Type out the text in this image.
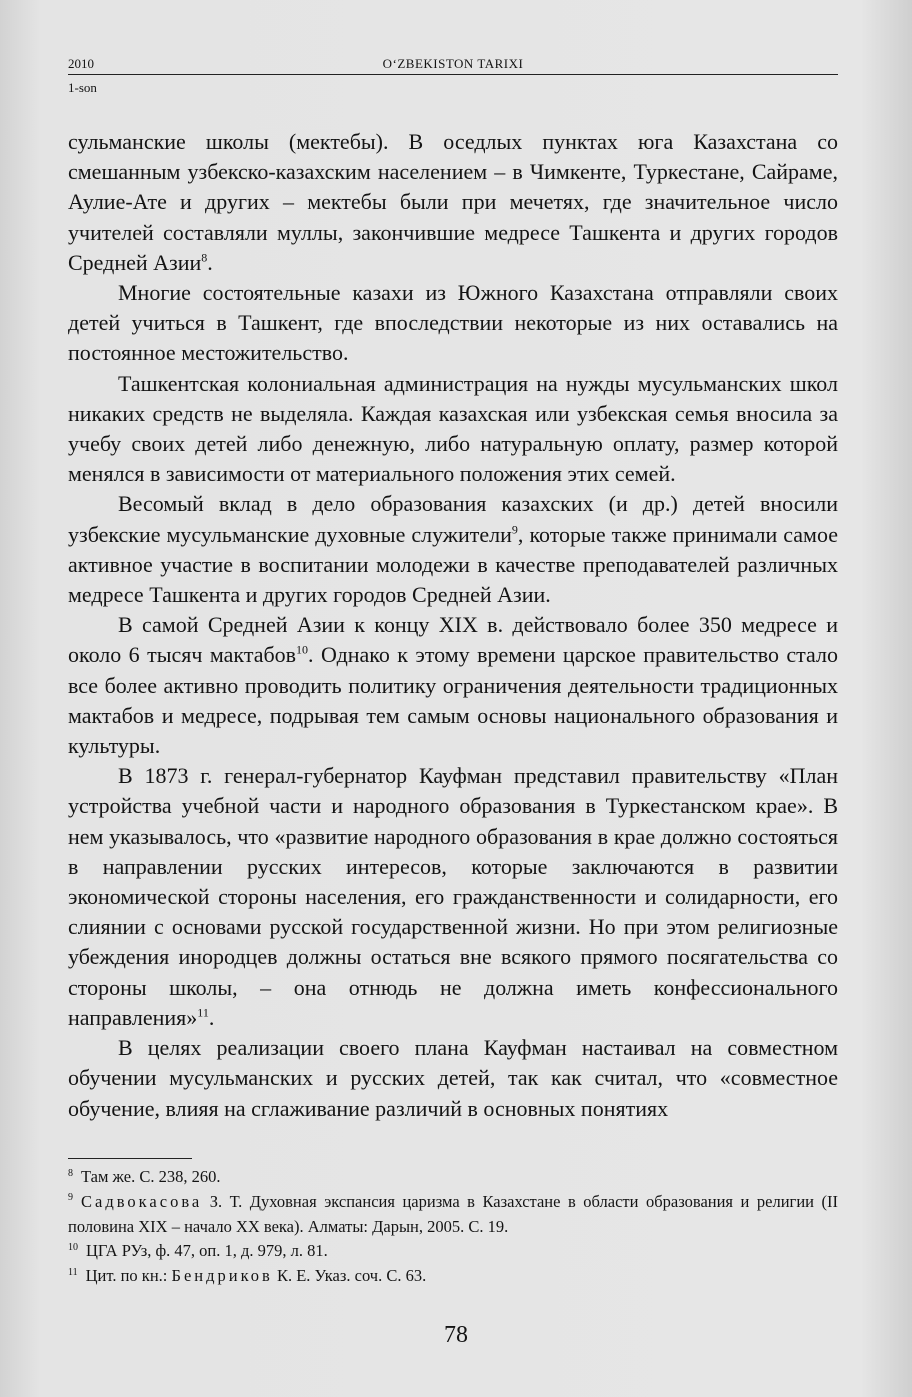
2010	O‘ZBEKISTON TARIXI
1-son

сульманские школы (мектебы). В оседлых пунктах юга Казахстана со смешанным узбекско-казахским населением – в Чимкенте, Туркестане, Сайраме, Аулие-Ате и других – мектебы были при мечетях, где значительное число учителей составляли муллы, закончившие медресе Ташкента и других городов Средней Азии$^8$.

Многие состоятельные казахи из Южного Казахстана отправляли своих детей учиться в Ташкент, где впоследствии некоторые из них оставались на постоянное местожительство.

Ташкентская колониальная администрация на нужды мусульманских школ никаких средств не выделяла. Каждая казахская или узбекская семья вносила за учебу своих детей либо денежную, либо натуральную оплату, размер которой менялся в зависимости от материального положения этих семей.

Весомый вклад в дело образования казахских (и др.) детей вносили узбекские мусульманские духовные служители$^9$, которые также принимали самое активное участие в воспитании молодежи в качестве преподавателей различных медресе Ташкента и других городов Средней Азии.

В самой Средней Азии к концу XIX в. действовало более 350 медресе и около 6 тысяч мактабов$^{10}$. Однако к этому времени царское правительство стало все более активно проводить политику ограничения деятельности традиционных мактабов и медресе, подрывая тем самым основы национального образования и культуры.

В 1873 г. генерал-губернатор Кауфман представил правительству «План устройства учебной части и народного образования в Туркестанском крае». В нем указывалось, что «развитие народного образования в крае должно состояться в направлении русских интересов, которые заключаются в развитии экономической стороны населения, его гражданственности и солидарности, его слиянии с основами русской государственной жизни. Но при этом религиозные убеждения инородцев должны остаться вне всякого прямого посягательства со стороны школы, – она отнюдь не должна иметь конфессионального направления»$^{11}$.

В целях реализации своего плана Кауфман настаивал на совместном обучении мусульманских и русских детей, так как считал, что «совместное обучение, влияя на сглаживание различий в основных понятиях

$^8$ Там же. С. 238, 260.

$^9$ Садвокасова З. Т. Духовная экспансия царизма в Казахстане в области образования и религии (II половина XIX – начало XX века). Алматы: Дарын, 2005. С. 19.

$^{10}$ ЦГА РУз, ф. 47, оп. 1, д. 979, л. 81.

$^{11}$ Цит. по кн.: Бендриков К. Е. Указ. соч. С. 63.

78
